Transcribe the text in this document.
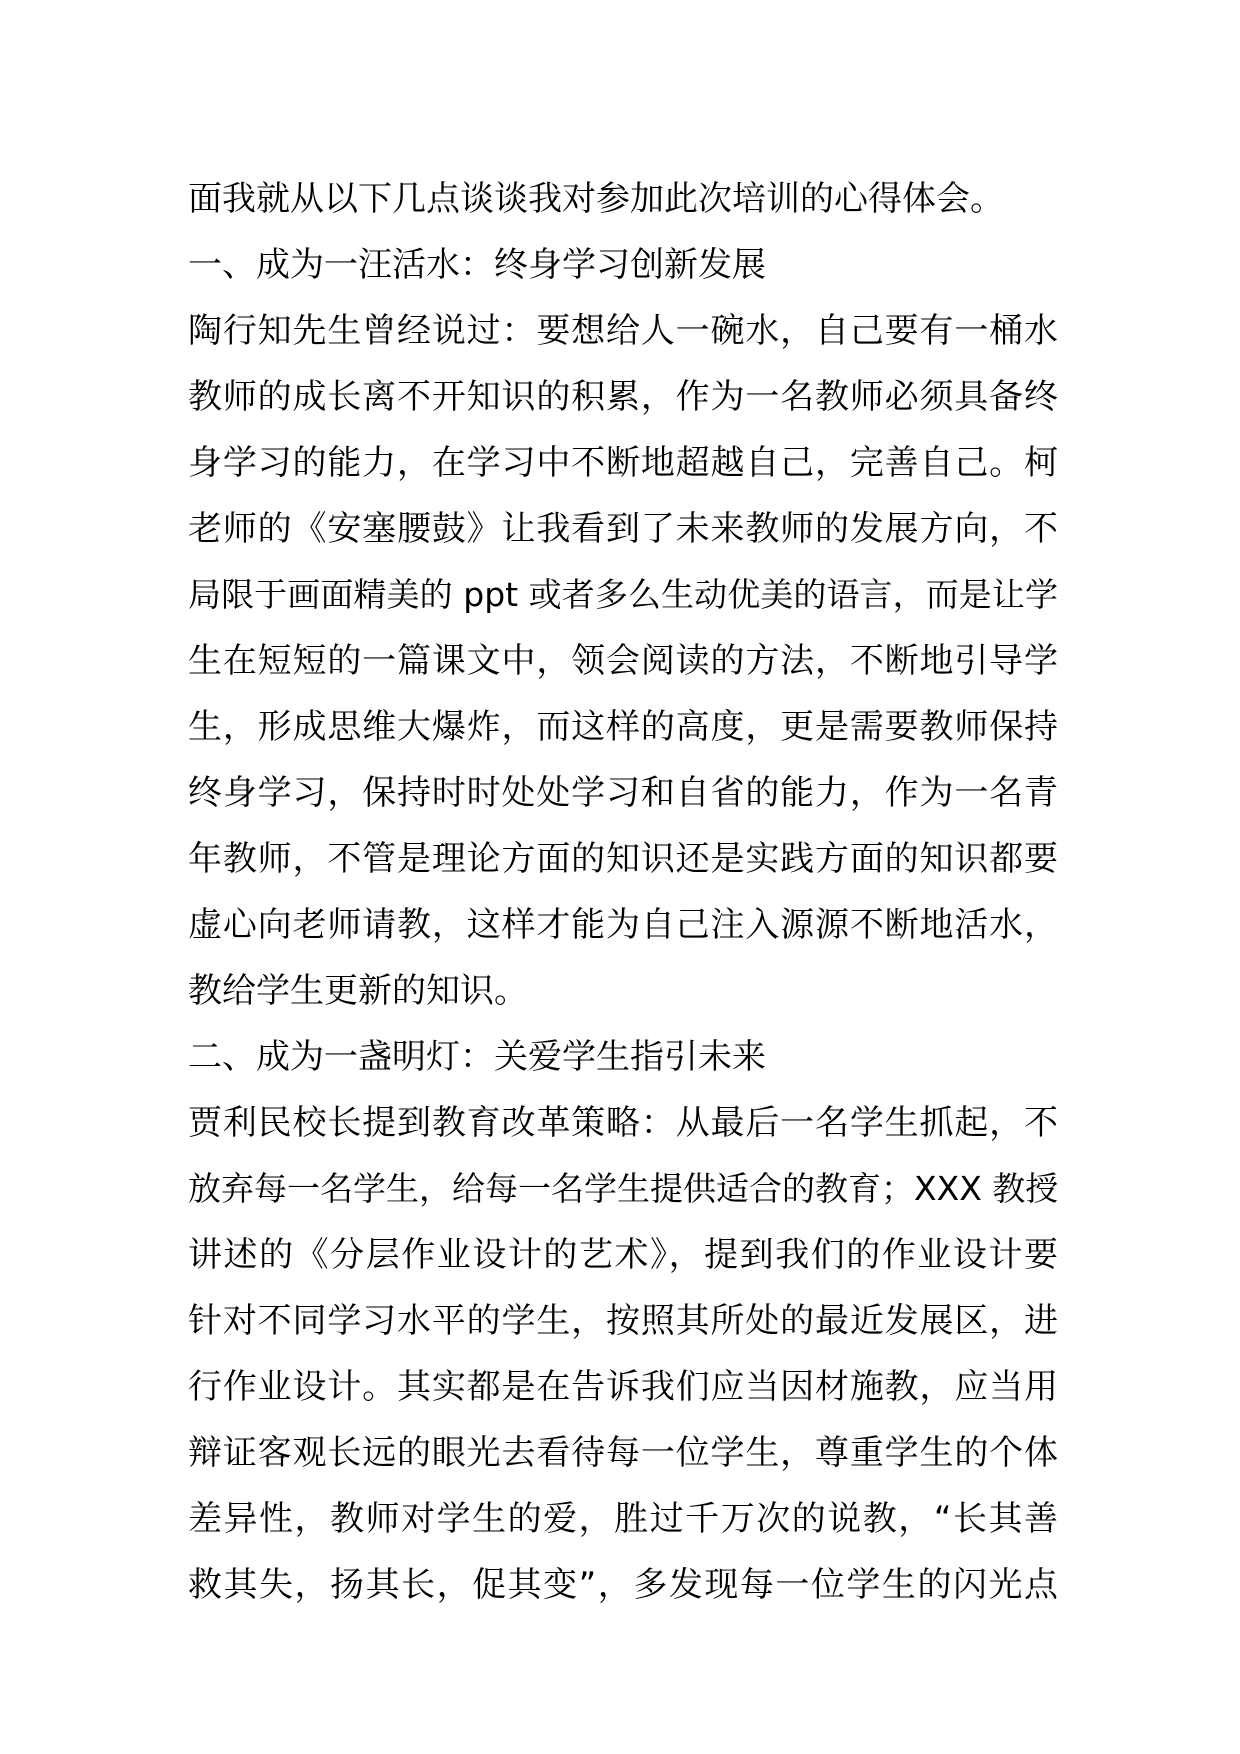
面我就从以下几点谈谈我对参加此次培训的心得体会。
一、成为一汪活水：终身学习创新发展
陶行知先生曾经说过：要想给人一碗水，自己要有一桶水
教师的成长离不开知识的积累，作为一名教师必须具备终
身学习的能力，在学习中不断地超越自己，完善自己。柯
老师的《安塞腰鼓》让我看到了未来教师的发展方向，不
局限于画面精美的 ppt 或者多么生动优美的语言，而是让学
生在短短的一篇课文中，领会阅读的方法，不断地引导学
生，形成思维大爆炸，而这样的高度，更是需要教师保持
终身学习，保持时时处处学习和自省的能力，作为一名青
年教师，不管是理论方面的知识还是实践方面的知识都要
虚心向老师请教，这样才能为自己注入源源不断地活水，
教给学生更新的知识。
二、成为一盏明灯：关爱学生指引未来
贾利民校长提到教育改革策略：从最后一名学生抓起，不
放弃每一名学生，给每一名学生提供适合的教育；XXX 教授
讲述的《分层作业设计的艺术》，提到我们的作业设计要
针对不同学习水平的学生，按照其所处的最近发展区，进
行作业设计。其实都是在告诉我们应当因材施教，应当用
辩证客观长远的眼光去看待每一位学生，尊重学生的个体
差异性，教师对学生的爱，胜过千万次的说教，“长其善
救其失，扬其长，促其变”，多发现每一位学生的闪光点
